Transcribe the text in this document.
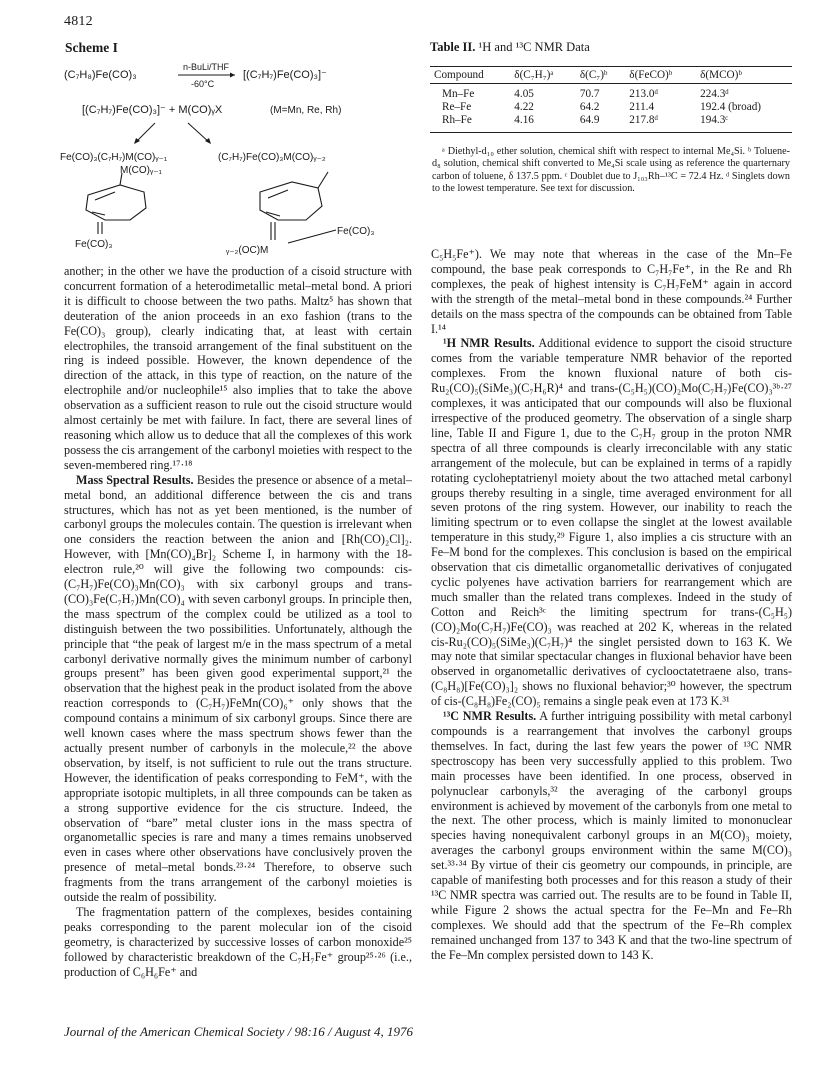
4812
Scheme I
(C₇H₈)Fe(CO)₃
n-BuLi/THF
-60°C
[(C₇H₇)Fe(CO)₃]⁻
[(C₇H₇)Fe(CO)₃]⁻ + M(CO)ᵧX	(M=Mn, Re, Rh)
Fe(CO)₃(C₇H₇)M(CO)ᵧ₋₁
M(CO)ᵧ₋₁
(C₇H₇)Fe(CO)₃M(CO)ᵧ₋₂
Fe(CO)₃
ᵧ₋₂(OC)M
Fe(CO)₃
Table II. ¹H and ¹³C NMR Data
Compound	δ(C₇H₇)ᵃ	δ(C₇)ᵇ	δ(FeCO)ᵇ	δ(MCO)ᵇ
Mn–Fe	4.05	70.7	213.0ᵈ	224.3ᵈ
Re–Fe	4.22	64.2	211.4	192.4 (broad)
Rh–Fe	4.16	64.9	217.8ᵈ	194.3ᶜ

ᵃ Diethyl-d₁₀ ether solution, chemical shift with respect to internal Me₄Si. ᵇ Toluene-d₈ solution, chemical shift converted to Me₄Si scale using as reference the quarternary carbon of toluene, δ 137.5 ppm. ᶜ Doublet due to J₁₀₃Rh–¹³C = 72.4 Hz. ᵈ Singlets down to the lowest temperature. See text for discussion.

another; in the other we have the production of a cisoid structure with concurrent formation of a heterodimetallic metal–metal bond. A priori it is difficult to choose between the two paths. Maltz⁵ has shown that deuteration of the anion proceeds in an exo fashion (trans to the Fe(CO)₃ group), clearly indicating that, at least with certain electrophiles, the transoid arrangement of the final substituent on the ring is indeed possible. However, the known dependence of the direction of the attack, in this type of reaction, on the nature of the electrophile and/or nucleophile¹⁵ also implies that to take the above observation as a sufficient reason to rule out the cisoid structure would almost certainly be met with failure. In fact, there are several lines of reasoning which allow us to deduce that all the complexes of this work possess the cis arrangement of the carbonyl moieties with respect to the seven-membered ring.¹⁷·¹⁸

Mass Spectral Results. Besides the presence or absence of a metal–metal bond, an additional difference between the cis and trans structures, which has not as yet been mentioned, is the number of carbonyl groups the molecules contain. The question is irrelevant when one considers the reaction between the anion and [Rh(CO)₂Cl]₂. However, with [Mn(CO)₄Br]₂ Scheme I, in harmony with the 18-electron rule,²⁰ will give the following two compounds: cis-(C₇H₇)Fe(CO)₃Mn(CO)₃ with six carbonyl groups and trans-(CO)₃Fe(C₇H₇)Mn(CO)₄ with seven carbonyl groups. In principle then, the mass spectrum of the complex could be utilized as a tool to distinguish between the two possibilities. Unfortunately, although the principle that “the peak of largest m/e in the mass spectrum of a metal carbonyl derivative normally gives the minimum number of carbonyl groups present” has been given good experimental support,²¹ the observation that the highest peak in the product isolated from the above reaction corresponds to (C₇H₇)FeMn(CO)₆⁺ only shows that the compound contains a minimum of six carbonyl groups. Since there are well known cases where the mass spectrum shows fewer than the actually present number of carbonyls in the molecule,²² the above observation, by itself, is not sufficient to rule out the trans structure. However, the identification of peaks corresponding to FeM⁺, with the appropriate isotopic multiplets, in all three compounds can be taken as a strong supportive evidence for the cis structure. Indeed, the observation of “bare” metal cluster ions in the mass spectra of organometallic species is rare and many a times remains unobserved even in cases where other observations have conclusively proven the presence of metal–metal bonds.²³·²⁴ Therefore, to observe such fragments from the trans arrangement of the carbonyl moieties is outside the realm of possibility.

The fragmentation pattern of the complexes, besides containing peaks corresponding to the parent molecular ion of the cisoid geometry, is characterized by successive losses of carbon monoxide²⁵ followed by characteristic breakdown of the C₇H₇Fe⁺ group²⁵·²⁶ (i.e., production of C₆H₆Fe⁺ and

C₅H₅Fe⁺). We may note that whereas in the case of the Mn–Fe compound, the base peak corresponds to C₇H₇Fe⁺, in the Re and Rh complexes, the peak of highest intensity is C₇H₇FeM⁺ again in accord with the strength of the metal–metal bond in these compounds.²⁴ Further details on the mass spectra of the compounds can be obtained from Table I.¹⁴

¹H NMR Results. Additional evidence to support the cisoid structure comes from the variable temperature NMR behavior of the reported complexes. From the known fluxional nature of both cis-Ru₂(CO)₅(SiMe₃)(C₇H₆R)⁴ and trans-(C₅H₅)(CO)₂Mo(C₇H₇)Fe(CO)₃³ᵇ·²⁷ complexes, it was anticipated that our compounds will also be fluxional irrespective of the produced geometry. The observation of a single sharp line, Table II and Figure 1, due to the C₇H₇ group in the proton NMR spectra of all three compounds is clearly irreconcilable with any static arrangement of the molecule, but can be explained in terms of a rapidly rotating cycloheptatrienyl moiety about the two attached metal carbonyl groups thereby resulting in a single, time averaged environment for all seven protons of the ring system. However, our inability to reach the limiting spectrum or to even collapse the singlet at the lowest available temperature in this study,²⁹ Figure 1, also implies a cis structure with an Fe–M bond for the complexes. This conclusion is based on the empirical observation that cis dimetallic organometallic derivatives of conjugated cyclic polyenes have activation barriers for rearrangement which are much smaller than the related trans complexes. Indeed in the study of Cotton and Reich³ᶜ the limiting spectrum for trans-(C₅H₅)(CO)₂Mo(C₇H₇)Fe(CO)₃ was reached at 202 K, whereas in the related cis-Ru₂(CO)₅(SiMe₃)(C₇H₇)⁴ the singlet persisted down to 163 K. We may note that similar spectacular changes in fluxional behavior have been observed in organometallic derivatives of cyclooctatetraene also, trans-(C₈H₈)[Fe(CO)₃]₂ shows no fluxional behavior;³⁰ however, the spectrum of cis-(C₈H₈)Fe₂(CO)₅ remains a single peak even at 173 K.³¹

¹³C NMR Results. A further intriguing possibility with metal carbonyl compounds is a rearrangement that involves the carbonyl groups themselves. In fact, during the last few years the power of ¹³C NMR spectroscopy has been very successfully applied to this problem. Two main processes have been identified. In one process, observed in polynuclear carbonyls,³² the averaging of the carbonyl groups environment is achieved by movement of the carbonyls from one metal to the next. The other process, which is mainly limited to mononuclear species having nonequivalent carbonyl groups in an M(CO)₃ moiety, averages the carbonyl groups environment within the same M(CO)₃ set.³³·³⁴ By virtue of their cis geometry our compounds, in principle, are capable of manifesting both processes and for this reason a study of their ¹³C NMR spectra was carried out. The results are to be found in Table II, while Figure 2 shows the actual spectra for the Fe–Mn and Fe–Rh complexes. We should add that the spectrum of the Fe–Rh complex remained unchanged from 137 to 343 K and that the two-line spectrum of the Fe–Mn complex persisted down to 143 K.

Journal of the American Chemical Society / 98:16 / August 4, 1976
